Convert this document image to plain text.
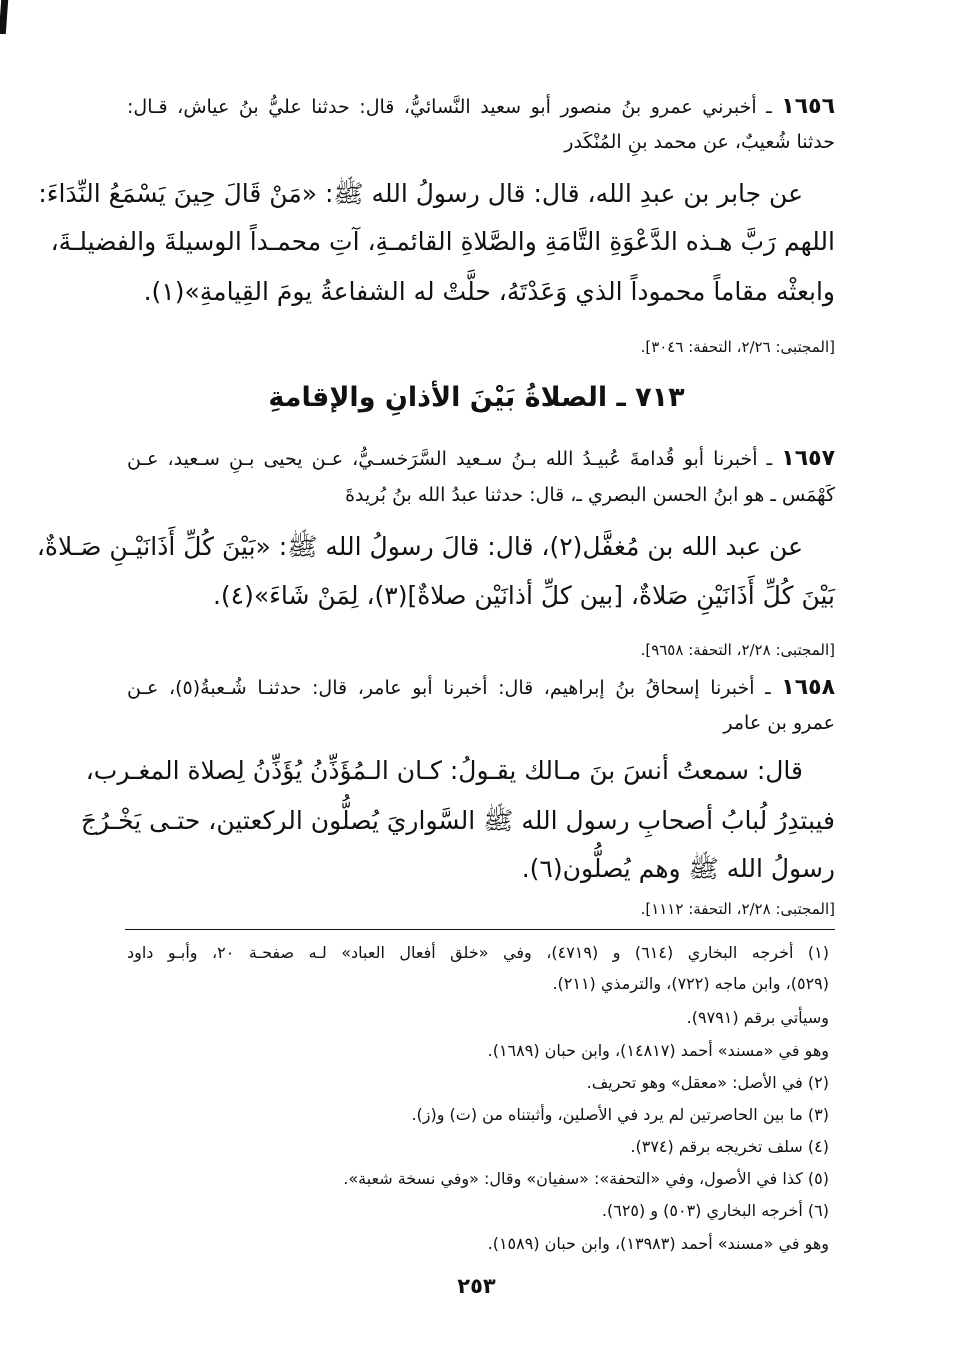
١٦٥٦ ـ أخبرني عمرو بنُ منصور أبو سعيد النَّسائيُّ، قال: حدثنا عليُّ بنُ عياش، قـال:
حدثنا شُعيبٌ، عن محمد بنِ المُنْكَدر
عن جابر بن عبدِ الله، قال: قال رسولُ الله ﷺ: «مَنْ قَالَ حِينَ يَسْمَعُ النِّدَاءَ:
اللهم رَبَّ هـذه الدَّعْوَةِ التَّامَةِ والصَّلاةِ القائمـةِ، آتِ محمـداً الوسيلةَ والفضيلـةَ،
وابعثْه مقاماً محموداً الذي وَعَدْتَهُ، حلَّتْ له الشفاعةُ يومَ القِيامةِ»(١).
[المجتبى: ٢/٢٦، التحفة: ٣٠٤٦].
٧١٣ ـ الصلاةُ بَيْنَ الأذانِ والإقامةِ
١٦٥٧ ـ أخبرنا أبو قُدامةَ عُبيـدُ الله بـنُ سـعيد السَّرَخسـيُّ، عـن يحيى بـنِ سـعيد، عـن
كَهْمَس ـ هو ابنُ الحسن البصري ـ، قال: حدثنا عبدُ الله بنُ بُريدةَ
عن عبد الله بن مُغفَّل(٢)، قال: قالَ رسولُ الله ﷺ: «بَيْنَ كُلِّ أَذَانَيْـنِ صَـلاةٌ،
بَيْنَ كُلِّ أَذَانَيْنِ صَلاةٌ، [بين كلِّ أذانَيْن صلاةٌ](٣)، لِمَنْ شَاءَ»(٤).
[المجتبى: ٢/٢٨، التحفة: ٩٦٥٨].
١٦٥٨ ـ أخبرنا إسحاقُ بنُ إبراهيم، قال: أخبرنا أبو عامر، قال: حدثنـا شُـعبةُ(٥)، عـن
عمرو بن عامر
قال: سمعتُ أنسَ بنَ مـالك يقـولُ: كـان الـمُؤَذِّنُ يُؤَذِّنُ لِصلاة المغـرب،
فيبتدِرُ لُبابُ أصحابِ رسول الله ﷺ السَّواريَ يُصلُّون الركعتين، حتـى يَخْـرُجَ
رسولُ الله ﷺ وهم يُصلُّون(٦).
[المجتبى: ٢/٢٨، التحفة: ١١١٢].
(١) أخرجه البخاري (٦١٤) و (٤٧١٩)، وفي «خلق أفعال العباد» لـه صفحـة ٢٠، وأبـو داود
(٥٢٩)، وابن ماجه (٧٢٢)، والترمذي (٢١١).
وسيأتي برقم (٩٧٩١).
وهو في «مسند» أحمد (١٤٨١٧)، وابن حبان (١٦٨٩).
(٢) في الأصل: «معقل» وهو تحريف.
(٣) ما بين الحاصرتين لم يرد في الأصلين، وأثبتناه من (ت) و(ز).
(٤) سلف تخريجه برقم (٣٧٤).
(٥) كذا في الأصول، وفي «التحفة»: «سفيان» وقال: «وفي نسخة شعبة».
(٦) أخرجه البخاري (٥٠٣) و (٦٢٥).
وهو في «مسند» أحمد (١٣٩٨٣)، وابن حبان (١٥٨٩).
٢٥٣
